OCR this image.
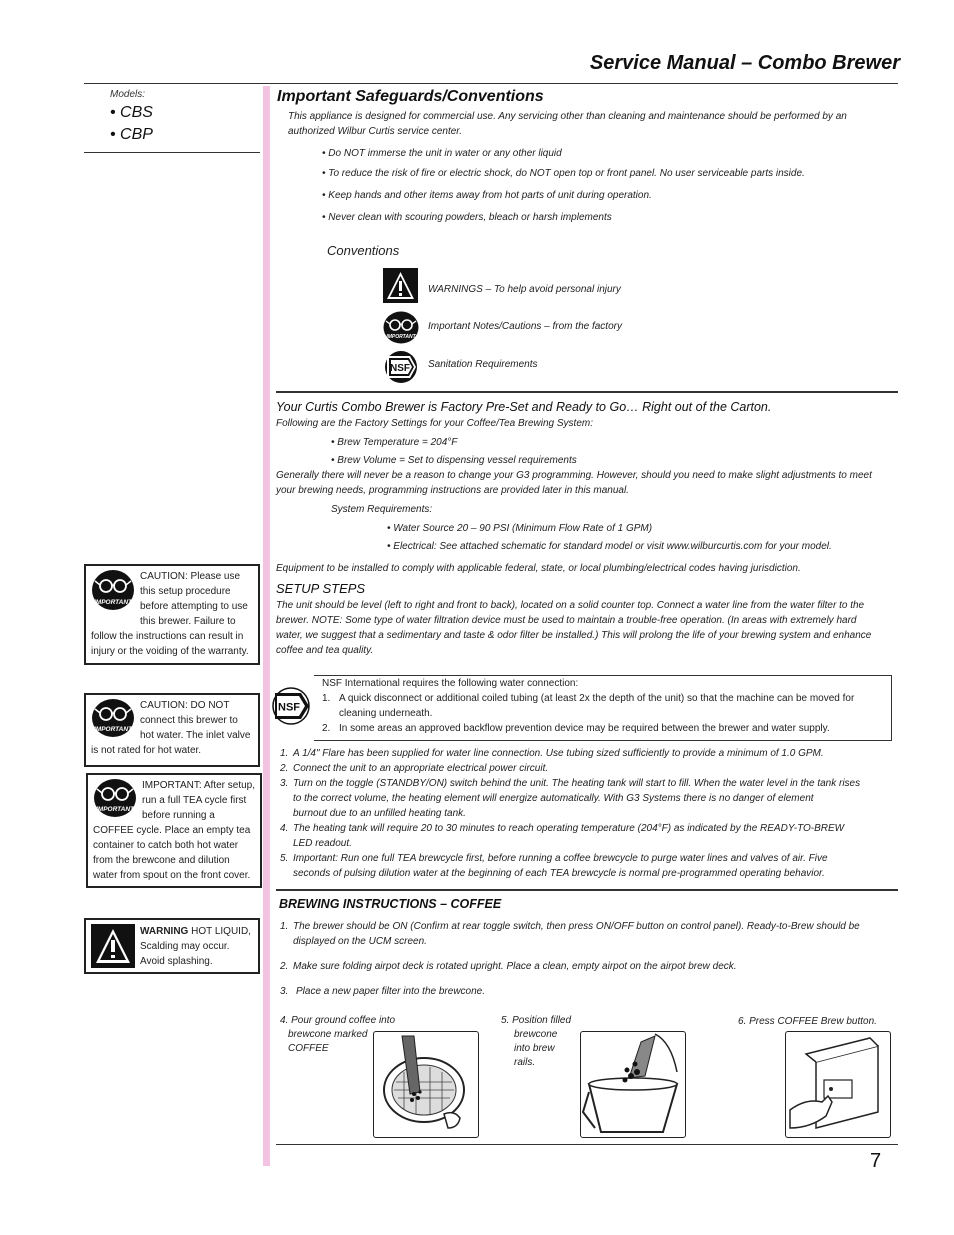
Service Manual – Combo Brewer
Models:
• CBS
• CBP
Important Safeguards/Conventions
This appliance is designed for commercial use. Any servicing other than cleaning and maintenance should be performed by an authorized Wilbur Curtis service center.
• Do NOT immerse the unit in water or any other liquid
• To reduce the risk of fire or electric shock, do NOT open top or front panel. No user serviceable parts inside.
• Keep hands and other items away from hot parts of unit during operation.
• Never clean with scouring powders, bleach or harsh implements
Conventions
WARNINGS – To help avoid personal injury
IMPORTANT
Important Notes/Cautions – from the factory
NSF Sanitation Requirements
Your Curtis Combo Brewer is Factory Pre-Set and Ready to Go… Right out of the Carton.
Following are the Factory Settings for your Coffee/Tea Brewing System:
• Brew Temperature = 204°F
• Brew Volume = Set to dispensing vessel requirements
Generally there will never be a reason to change your G3 programming. However, should you need to make slight adjustments to meet
your brewing needs, programming instructions are provided later in this manual.
System Requirements:
• Water Source 20 – 90 PSI (Minimum Flow Rate of 1 GPM)
• Electrical: See attached schematic for standard model or visit www.wilburcurtis.com for your model.
Equipment to be installed to comply with applicable federal, state, or local plumbing/electrical codes having jurisdiction.
SETUP STEPS
The unit should be level (left to right and front to back), located on a solid counter top. Connect a water line from the water filter to the
brewer. NOTE: Some type of water filtration device must be used to maintain a trouble-free operation. (In areas with extremely hard
water, we suggest that a sedimentary and taste & odor filter be installed.) This will prolong the life of your brewing system and enhance
coffee and tea quality.
NSF
NSF International requires the following water connection:
1. A quick disconnect or additional coiled tubing (at least 2x the depth of the unit) so that the machine can be moved for cleaning underneath.
2. In some areas an approved backflow prevention device may be required between the brewer and water supply.
1. A 1/4" Flare has been supplied for water line connection. Use tubing sized sufficiently to provide a minimum of 1.0 GPM.
2. Connect the unit to an appropriate electrical power circuit.
3. Turn on the toggle (STANDBY/ON) switch behind the unit. The heating tank will start to fill. When the water level in the tank rises
to the correct volume, the heating element will energize automatically. With G3 Systems there is no danger of element
burnout due to an unfilled heating tank.
4. The heating tank will require 20 to 30 minutes to reach operating temperature (204°F) as indicated by the READY-TO-BREW
LED readout.
5. Important: Run one full TEA brewcycle first, before running a coffee brewcycle to purge water lines and valves of air. Five
seconds of pulsing dilution water at the beginning of each TEA brewcycle is normal pre-programmed operating behavior.
IMPORTANT
CAUTION: Please use this setup procedure before attempting to use this brewer. Failure to follow the instructions can result in injury or the voiding of the warranty.
IMPORTANT
CAUTION: DO NOT connect this brewer to hot water. The inlet valve is not rated for hot water.
IMPORTANT
IMPORTANT: After setup, run a full TEA cycle first before running a COFFEE cycle. Place an empty tea container to catch both hot water from the brewcone and dilution water from spout on the front cover.
WARNING HOT LIQUID, Scalding may occur. Avoid splashing.
BREWING INSTRUCTIONS – COFFEE
1. The brewer should be ON (Confirm at rear toggle switch, then press ON/OFF button on control panel). Ready-to-Brew should be
displayed on the UCM screen.
2. Make sure folding airpot deck is rotated upright. Place a clean, empty airpot on the airpot brew deck.
3. Place a new paper filter into the brewcone.
4. Pour ground coffee into
brewcone marked
COFFEE
5. Position filled
brewcone
into brew
rails.
6. Press COFFEE Brew button.
7
